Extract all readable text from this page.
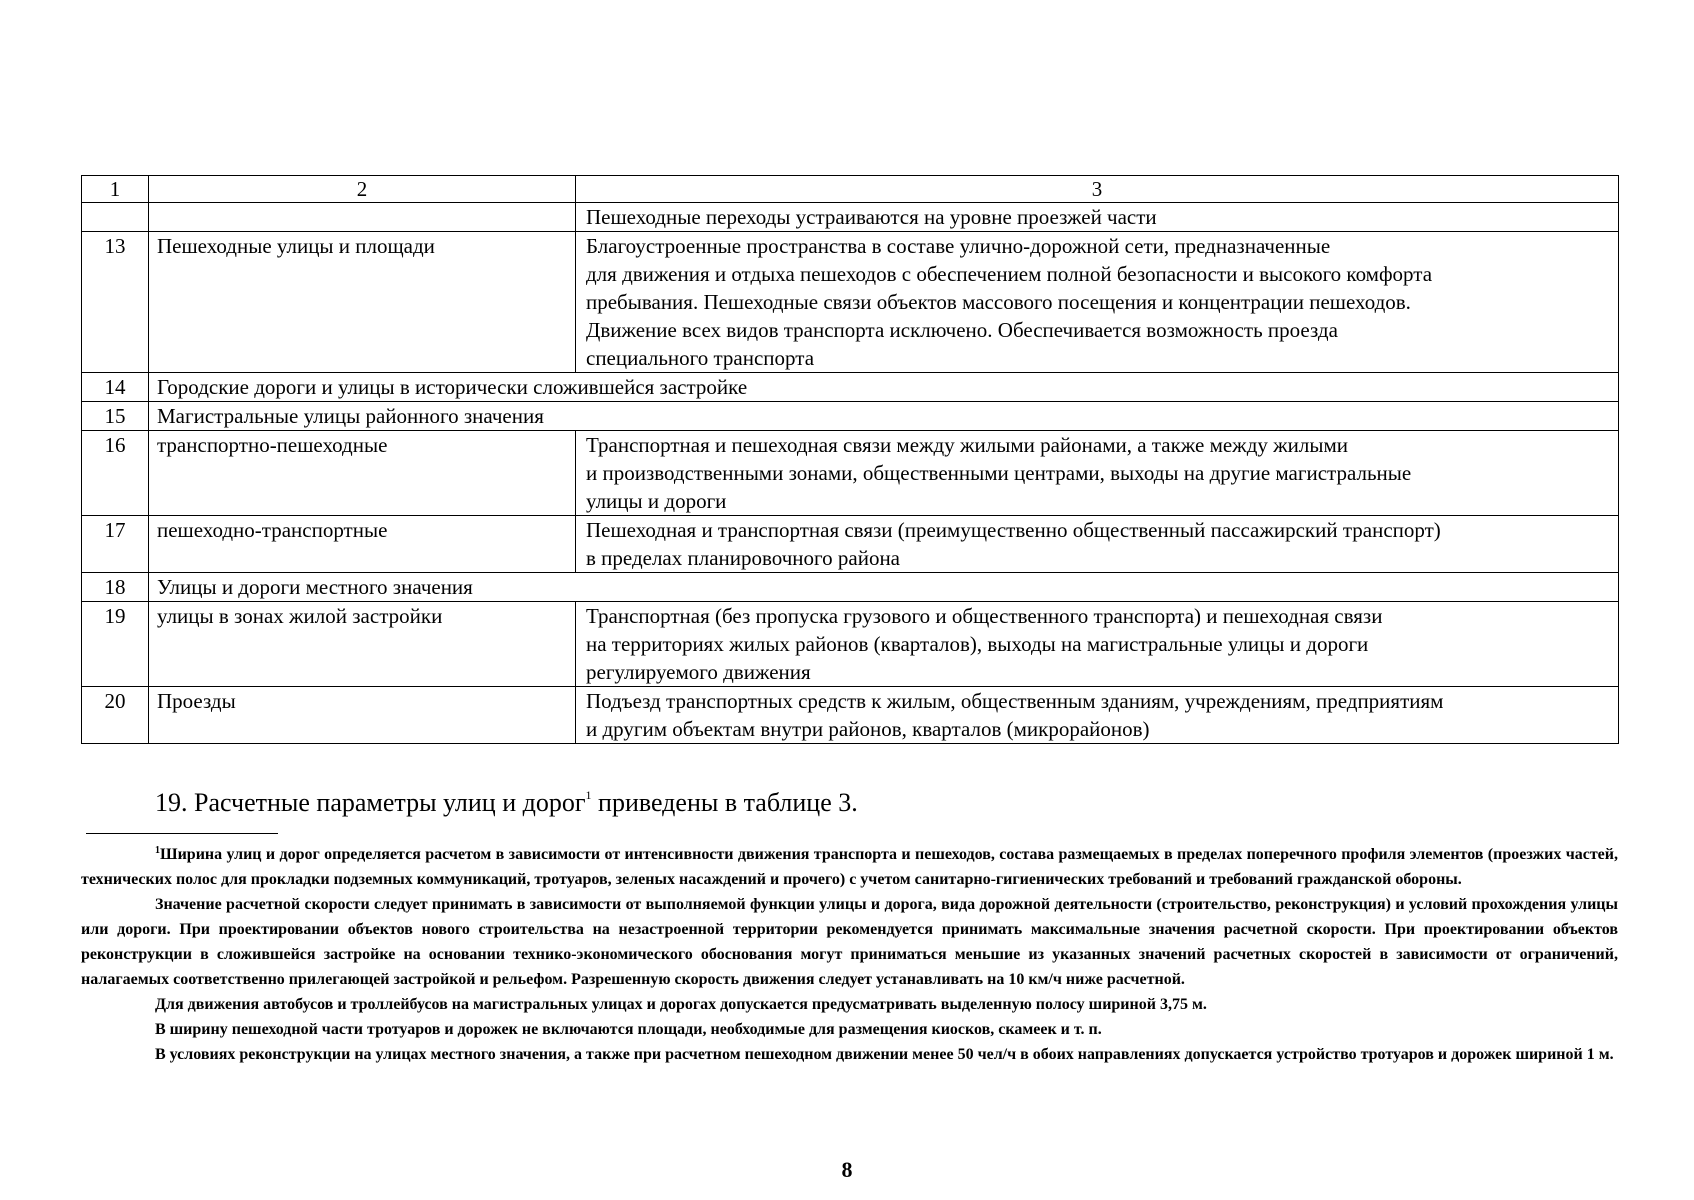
1	2	3
		Пешеходные переходы устраиваются на уровне проезжей части
13	Пешеходные улицы и площади	Благоустроенные пространства в составе улично-дорожной сети, предназначенные
для движения и отдыха пешеходов с обеспечением полной безопасности и высокого комфорта
пребывания. Пешеходные связи объектов массового посещения и концентрации пешеходов.
Движение всех видов транспорта исключено. Обеспечивается возможность проезда
специального транспорта
14	Городские дороги и улицы в исторически сложившейся застройке	
15	Магистральные улицы районного значения	
16	транспортно-пешеходные	Транспортная и пешеходная связи между жилыми районами, а также между жилыми
и производственными зонами, общественными центрами, выходы на другие магистральные
улицы и дороги
17	пешеходно-транспортные	Пешеходная и транспортная связи (преимущественно общественный пассажирский транспорт)
в пределах планировочного района
18	Улицы и дороги местного значения	
19	улицы в зонах жилой застройки	Транспортная (без пропуска грузового и общественного транспорта) и пешеходная связи
на территориях жилых районов (кварталов), выходы на магистральные улицы и дороги
регулируемого движения
20	Проезды	Подъезд транспортных средств к жилым, общественным зданиям, учреждениям, предприятиям
и другим объектам внутри районов, кварталов (микрорайонов)
19. Расчетные параметры улиц и дорог$^1$ приведены в таблице 3.

$^1$Ширина улиц и дорог определяется расчетом в зависимости от интенсивности движения транспорта и пешеходов, состава размещаемых в пределах поперечного профиля элементов (проезжих частей, технических полос для прокладки подземных коммуникаций, тротуаров, зеленых насаждений и прочего) с учетом санитарно-гигиенических требований и требований гражданской обороны.

Значение расчетной скорости следует принимать в зависимости от выполняемой функции улицы и дорога, вида дорожной деятельности (строительство, реконструкция) и условий прохождения улицы или дороги. При проектировании объектов нового строительства на незастроенной территории рекомендуется принимать максимальные значения расчетной скорости. При проектировании объектов реконструкции в сложившейся застройке на основании технико-экономического обоснования могут приниматься меньшие из указанных значений расчетных скоростей в зависимости от ограничений, налагаемых соответственно прилегающей застройкой и рельефом. Разрешенную скорость движения следует устанавливать на 10 км/ч ниже расчетной.

Для движения автобусов и троллейбусов на магистральных улицах и дорогах допускается предусматривать выделенную полосу шириной 3,75 м.

В ширину пешеходной части тротуаров и дорожек не включаются площади, необходимые для размещения киосков, скамеек и т. п.

В условиях реконструкции на улицах местного значения, а также при расчетном пешеходном движении менее 50 чел/ч в обоих направлениях допускается устройство тротуаров и дорожек шириной 1 м.

8
